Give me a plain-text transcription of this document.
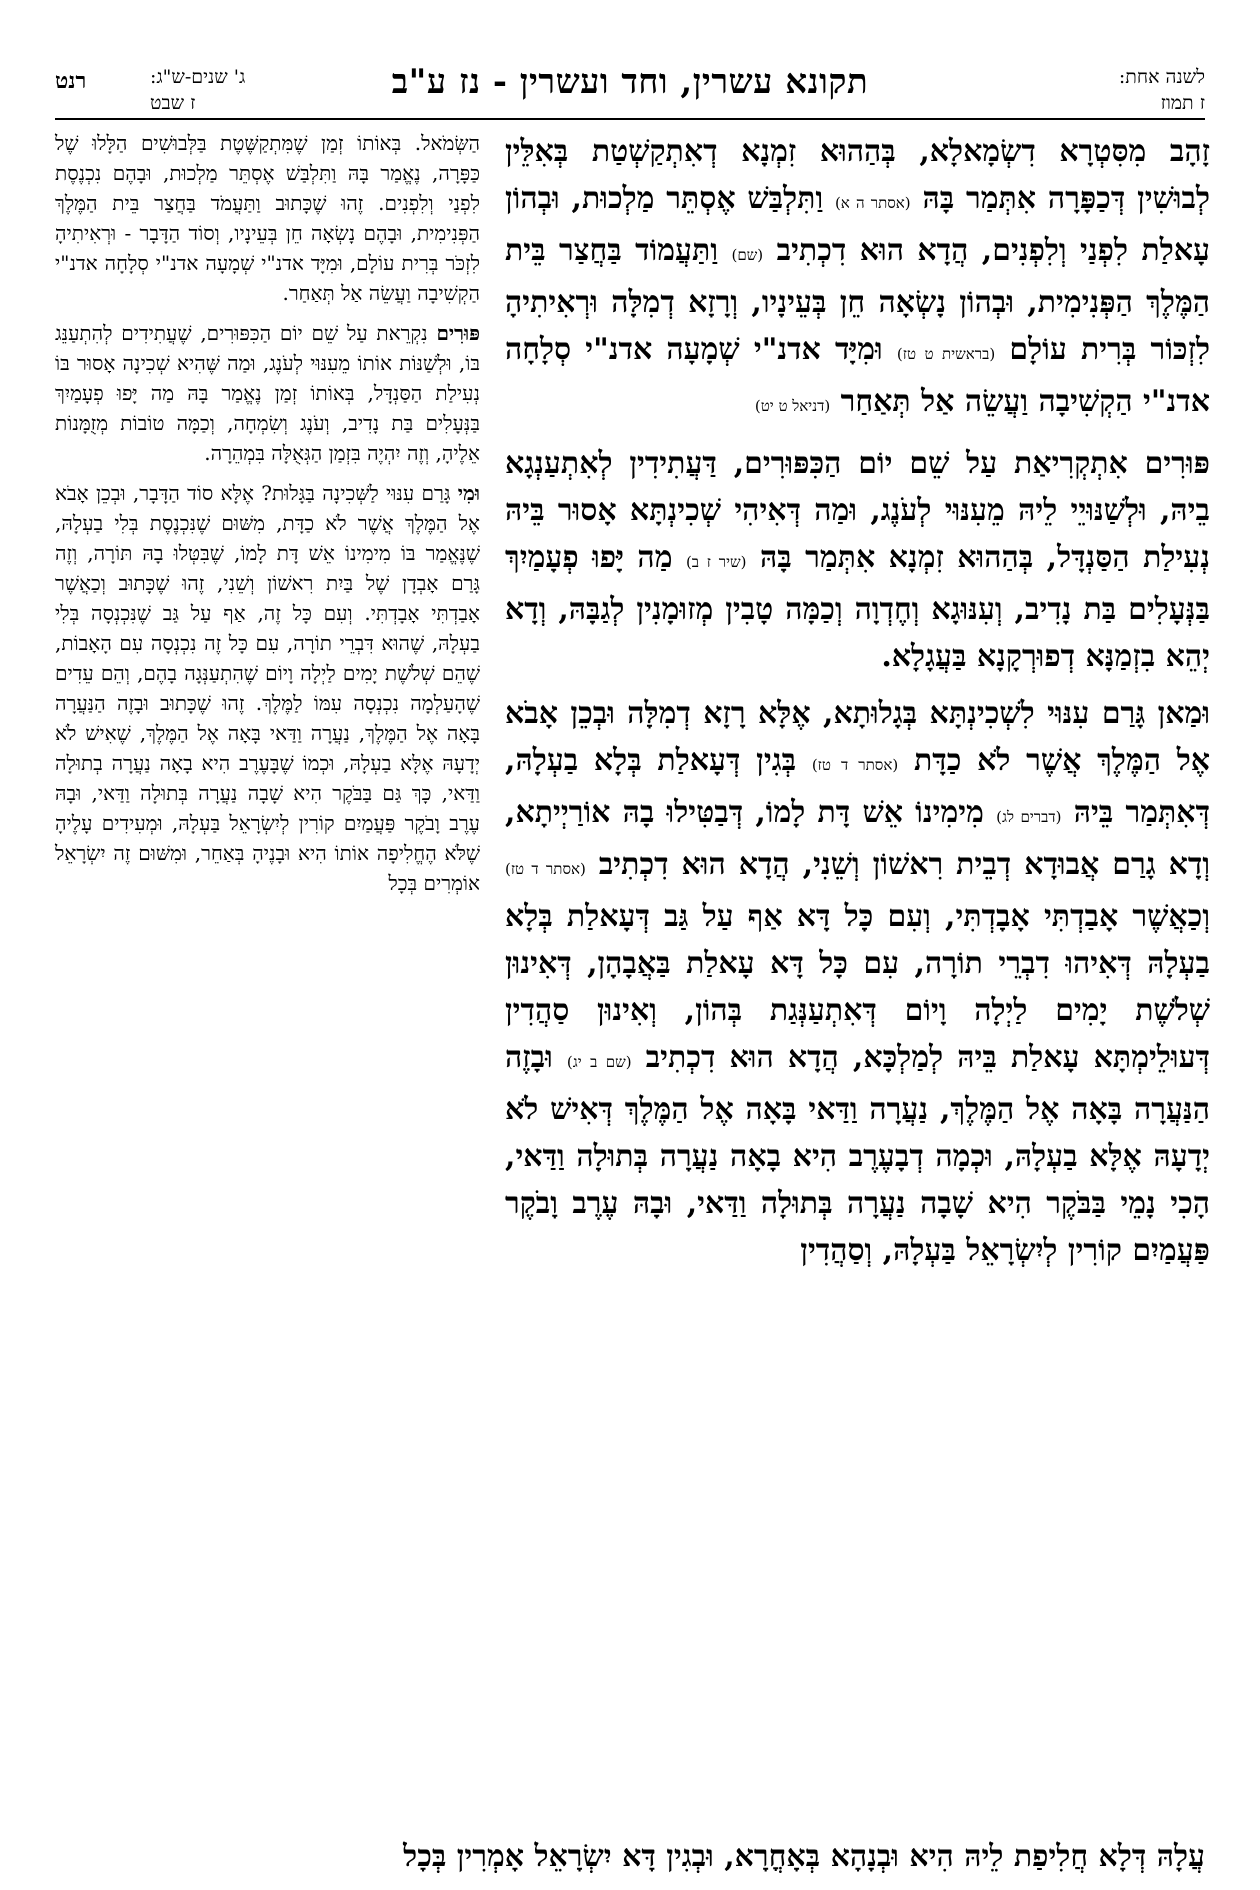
תקונא עשרין, וחד ועשרין - נז ע"ב	לשנה אחת:
ז תמוז
ג' שנים-ש"ג:
ז שבט
רנט

זָהָב מִסִּטְרָא דִשְׂמָאלָא, בְּהַהוּא זִמְנָא דְאִתְקַשְׁטַת בְּאִלֵּין לְבוּשִׁין דְּכַפָּרָה אִתְּמַר בָּהּ (אסתר ה א) וַתִּלְבַּשׁ אֶסְתֵּר מַלְכוּת, וּבְהוֹן עָאלַת לִפְנַי וְלִפְנִים, הֲדָא הוּא דִכְתִיב (שם) וַתַּעֲמוֹד בַּחֲצַר בֵּית הַמֶּלֶךְ הַפְּנִימִית, וּבְהוֹן נָשְׂאָה חֵן בְּעֵינָיו, וְרָזָא דְמִלָּה וּרְאִיתִיהָ לִזְכּוֹר בְּרִית עוֹלָם (בראשית ט טז) וּמִיָּד אדנ"י שְׁמָעָה אדנ"י סְלָחָה אדנ"י הַקְשִׁיבָה וַעֲשֵׂה אַל תְּאַחַר (דניאל ט יט)

פּוּרִים אִתְקְרִיאַת עַל שֵׁם יוֹם הַכִּפּוּרִים, דַּעֲתִידִין לְאִתְעַנְגָא בֵיהּ, וּלְשַׁנּוּיֵי לֵיהּ מֵעִנּוּי לְעֹנֶג, וּמַה דְּאִיהִי שְׁכִינְתָּא אָסוּר בֵּיהּ נְעִילַת הַסַּנְדָּל, בְּהַהוּא זִמְנָא אִתְּמַר בָּהּ (שיר ז ב) מַה יָּפוּ פְעָמַיִךְ בַּנְּעָלִים בַּת נָדִיב, וְעִנּוּגָא וְחֶדְוָה וְכַמָּה טָבִין מְזוּמָנִין לְגַבָּהּ, וְדָא יְהֵא בִזְמַנָּא דְפוּרְקָנָא בַּעֲגָלָא.

וּמַאן גָּרַם עִנּוּי לִשְׁכִינְתָּא בְּגָלוּתָא, אֶלָּא רָזָא דְמִלָּה וּבְכֵן אָבֹא אֶל הַמֶּלֶךְ אֲשֶׁר לֹא כַדָּת (אסתר ד טז) בְּגִין דְּעָאלַת בְּלָא בַעְלָהּ, דְּאִתְּמַר בֵּיהּ (דברים לג) מִימִינוֹ אֵשׁ דָּת לָמוֹ, דְּבַטִּילוּ בָהּ אוֹרַיְיתָא, וְדָא גָרַם אֲבוּדָא דְבֵית רִאשׁוֹן וְשֵׁנִי, הֲדָא הוּא דִכְתִיב (אסתר ד טז) וְכַאֲשֶׁר אָבַדְתִּי אָבָדְתִּי, וְעִם כָּל דָּא אַף עַל גַּב דְּעָאלַת בְּלָא בַעְלָהּ דְּאִיהוּ דִבְרֵי תוֹרָה, עִם כָּל דָּא עָאלַת בַּאֲבָהָן, דְּאִינוּן שְׁלֹשֶׁת יָמִים לַיְלָה וָיוֹם דְּאִתְעַנְּגַת בְּהוֹן, וְאִינוּן סַהֲדִין דְּעוּלֵימְתָּא עָאלַת בֵּיהּ לְמַלְכָּא, הֲדָא הוּא דִכְתִיב (שם ב יג) וּבָזֶה הַנַּעֲרָה בָּאָה אֶל הַמֶּלֶךְ, נַעֲרָה וַדַּאי בָּאָה אֶל הַמֶּלֶךְ דְּאִישׁ לֹא יְדָעָהּ אֶלָּא בַעְלָהּ, וּכְמָה דְבָעֶרֶב הִיא בָאָה נַעֲרָה בְּתוּלָה וַדַּאי, הָכִי נָמֵי בַּבֹּקֶר הִיא שָׁבָה נַעֲרָה בְּתוּלָה וַדַּאי, וּבָהּ עֶרֶב וָבֹקֶר פַּעֲמַיִם קוֹרִין לְיִשְׂרָאֵל בַּעְלָהּ, וְסַהֲדִין

הַשְּׂמֹאל. בְּאוֹתוֹ זְמַן שֶׁמִּתְקַשֶּׁטֶת בַּלְּבוּשִׁים הַלָּלוּ שֶׁל כַּפָּרָה, נֶאֱמַר בָּהּ וַתִּלְבַּשׁ אֶסְתֵּר מַלְכוּת, וּבָהֶם נִכְנֶסֶת לִפְנַי וְלִפְנִים. זֶהוּ שֶׁכָּתוּב וַתַּעֲמֹד בַּחֲצַר בֵּית הַמֶּלֶךְ הַפְּנִימִית, וּבָהֶם נָשְׂאָה חֵן בְּעֵינָיו, וְסוֹד הַדָּבָר - וּרְאִיתִיהָ לִזְכֹּר בְּרִית עוֹלָם, וּמִיָּד אדנ"י שְׁמָעָה אדנ"י סְלָחָה אדנ"י הַקְשִׁיבָה וַעֲשֵׂה אַל תְּאַחַר.

פּוּרִים נִקְרֵאת עַל שֵׁם יוֹם הַכִּפּוּרִים, שֶׁעֲתִידִים לְהִתְעַנֵּג בּוֹ, וּלְשַׁנּוֹת אוֹתוֹ מֵעִנּוּי לְעֹנֶג, וּמַה שֶּׁהִיא שְׁכִינָה אָסוּר בּוֹ נְעִילַת הַסַּנְדָּל, בְּאוֹתוֹ זְמַן נֶאֱמַר בָּהּ מַה יָּפוּ פְעָמַיִךְ בַּנְּעָלִים בַּת נָדִיב, וְעֹנֶג וְשִׂמְחָה, וְכַמָּה טוֹבוֹת מְזֻמָּנוֹת אֵלֶיהָ, וְזֶה יִהְיֶה בִּזְמַן הַגְּאֻלָּה בִּמְהֵרָה.

וּמִי גָּרַם עִנּוּי לַשְּׁכִינָה בַּגָּלוּת? אֶלָּא סוֹד הַדָּבָר, וּבְכֵן אָבֹא אֶל הַמֶּלֶךְ אֲשֶׁר לֹא כַדָּת, מִשּׁוּם שֶׁנִּכְנֶסֶת בְּלִי בַעְלָהּ, שֶׁנֶּאֱמַר בּוֹ מִימִינוֹ אֵשׁ דָּת לָמוֹ, שֶׁבִּטְּלוּ בָהּ תּוֹרָה, וְזֶה גָּרַם אָבְדָן שֶׁל בַּיִת רִאשׁוֹן וְשֵׁנִי, זֶהוּ שֶׁכָּתוּב וְכַאֲשֶׁר אָבַדְתִּי אָבָדְתִּי. וְעִם כָּל זֶה, אַף עַל גַּב שֶׁנִּכְנְסָה בְּלִי בַעְלָהּ, שֶׁהוּא דִּבְרֵי תוֹרָה, עִם כָּל זֶה נִכְנְסָה עִם הָאָבוֹת, שֶׁהֵם שְׁלֹשֶׁת יָמִים לַיְלָה וָיוֹם שֶׁהִתְעַנְּגָה בָהֶם, וְהֵם עֵדִים שֶׁהָעַלְמָה נִכְנְסָה עִמּוֹ לַמֶּלֶךְ. זֶהוּ שֶׁכָּתוּב וּבָזֶה הַנַּעֲרָה בָּאָה אֶל הַמֶּלֶךְ, נַעֲרָה וַדַּאי בָּאָה אֶל הַמֶּלֶךְ, שֶׁאִישׁ לֹא יְדָעָהּ אֶלָּא בַעְלָהּ, וּכְמוֹ שֶׁבָּעֶרֶב הִיא בָאָה נַעֲרָה בְתוּלָה וַדַּאי, כָּךְ גַּם בַּבֹּקֶר הִיא שָׁבָה נַעֲרָה בְּתוּלָה וַדַּאי, וּבָהּ עֶרֶב וָבֹקֶר פַּעֲמַיִם קוֹרִין לְיִשְׂרָאֵל בַּעְלָהּ, וּמְעִידִים עָלֶיהָ שֶׁלֹּא הֶחֱלִיפָה אוֹתוֹ הִיא וּבָנֶיהָ בְּאַחֵר, וּמִשּׁוּם זֶה יִשְׂרָאֵל אוֹמְרִים בְּכָל

עֲלָהּ דְּלָא חֲלִיפַת לֵיהּ הִיא וּבְנָהָא בְּאָחֳרָא, וּבְגִין דָּא יִשְׂרָאֵל אָמְרִין בְּכָל
